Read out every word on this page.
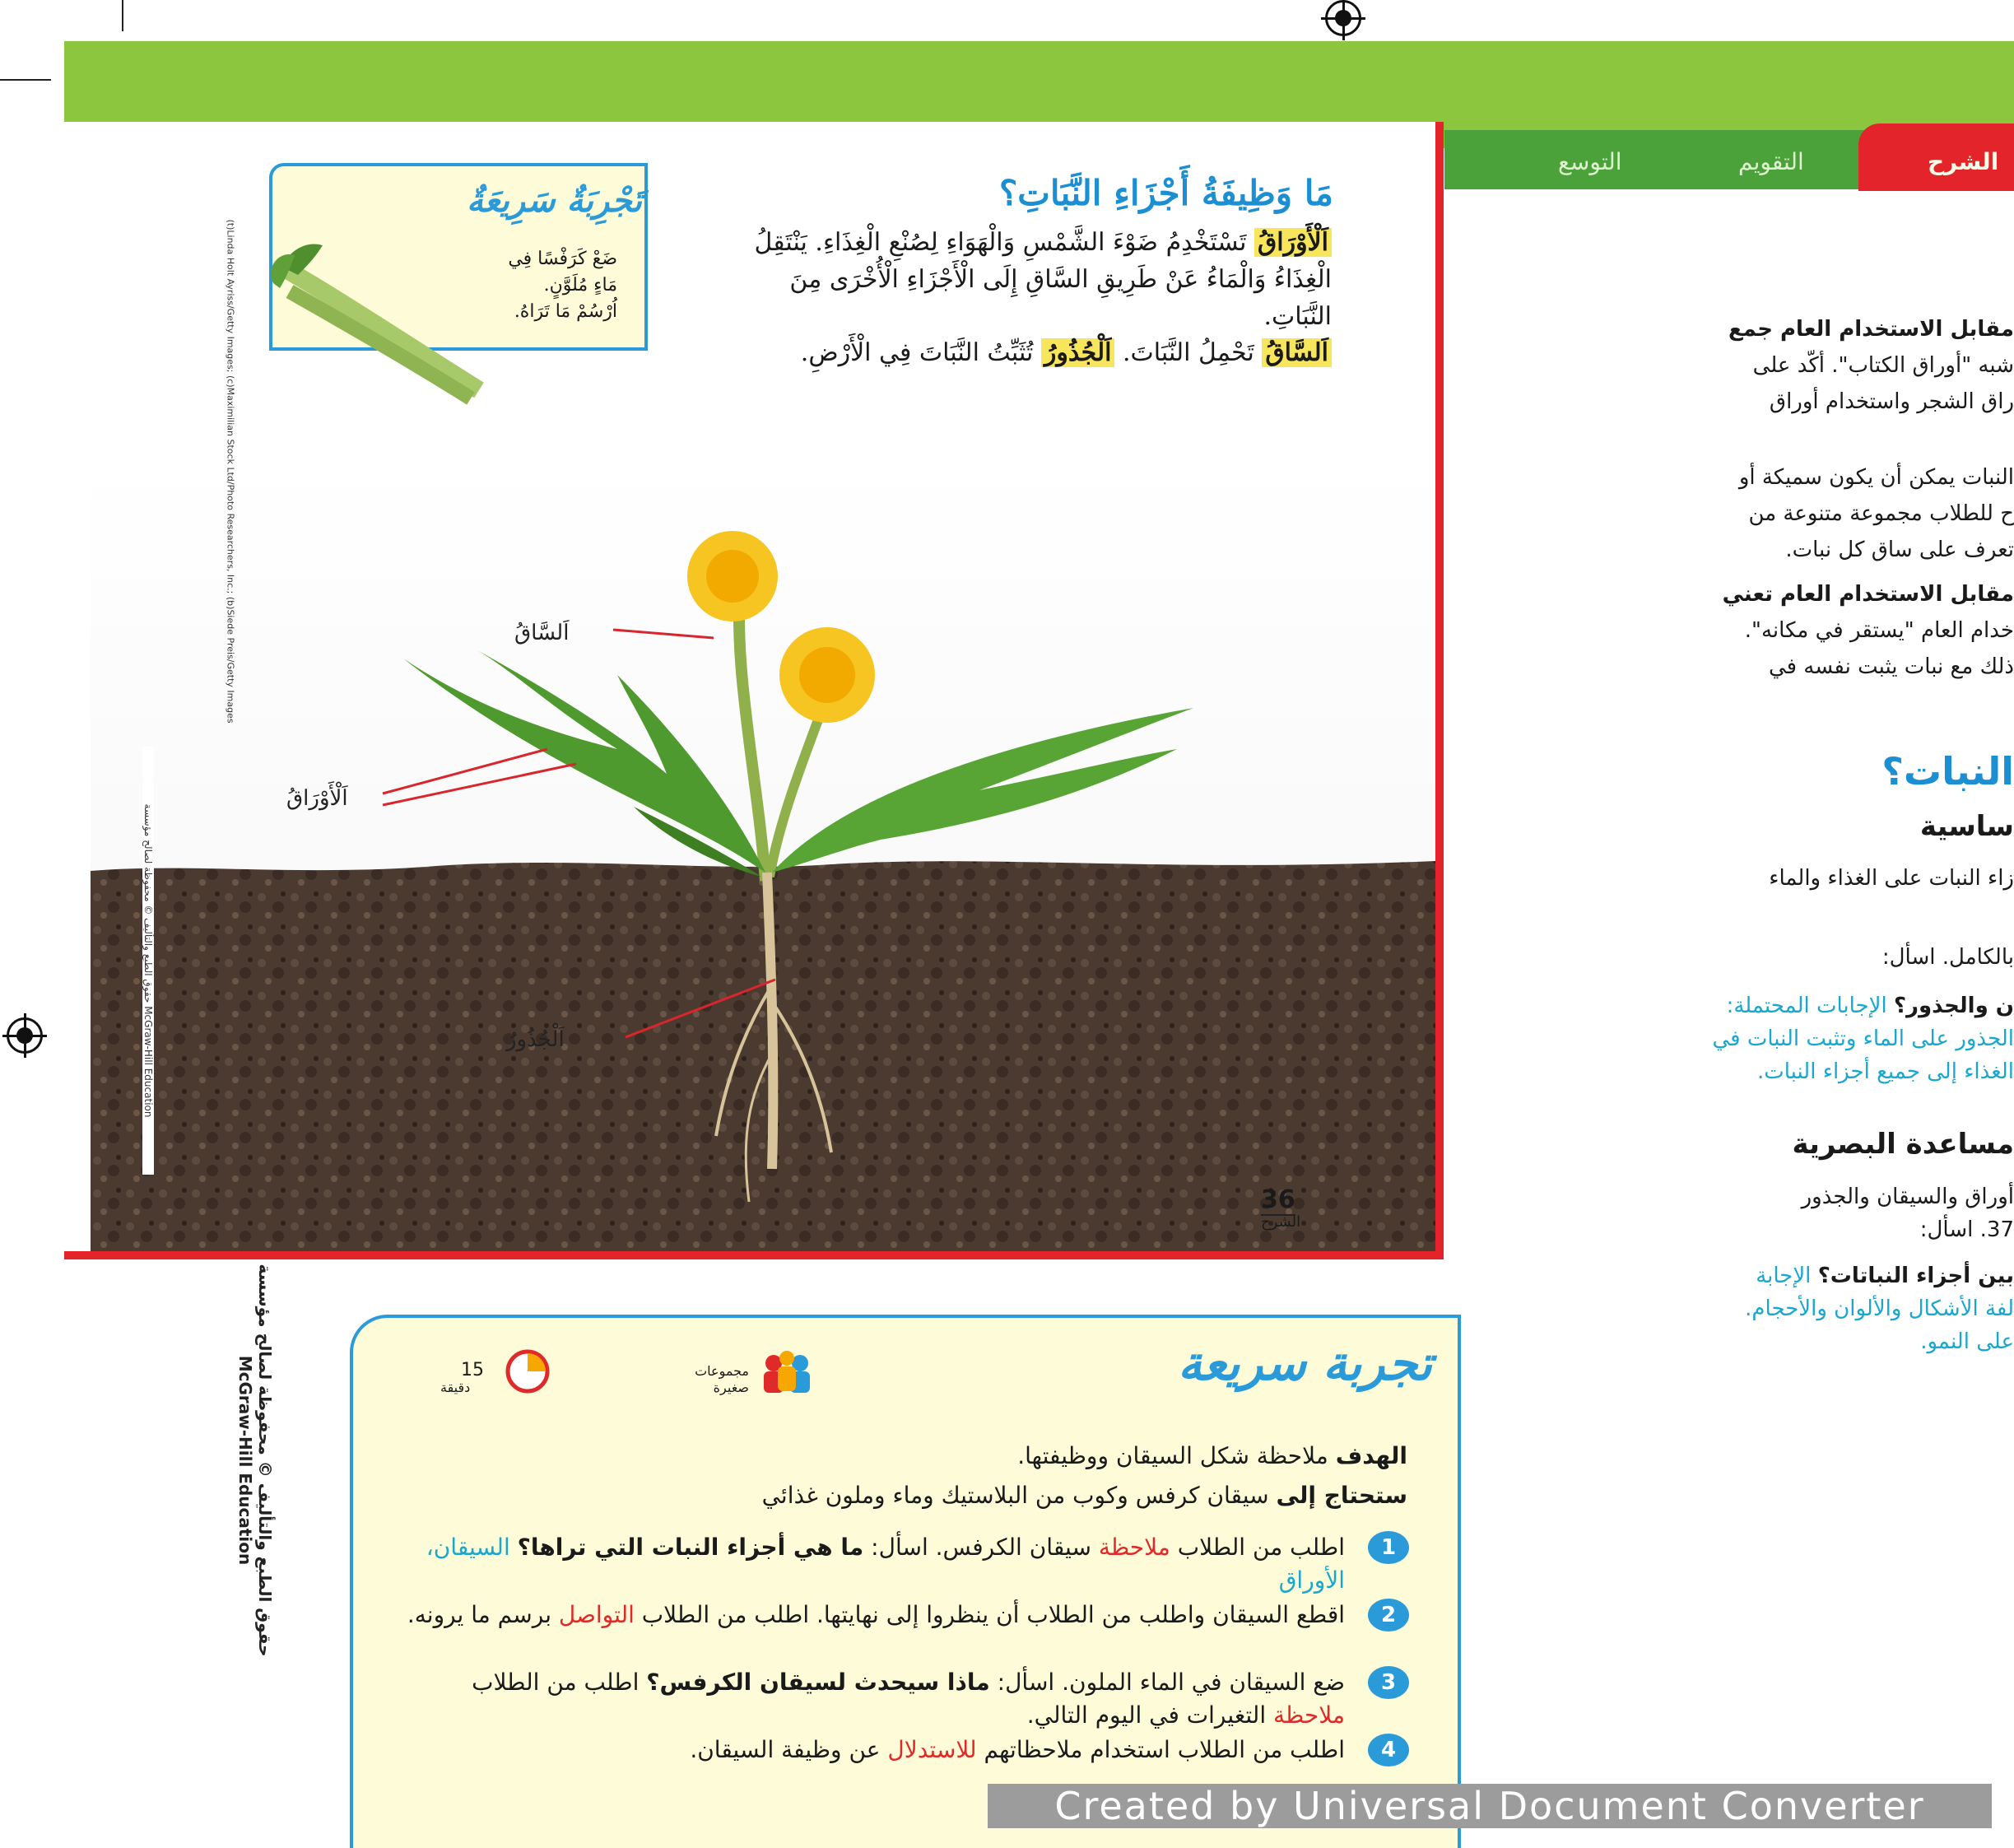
الشرح
التقويم
التوسع
اَلسَّاقُ
اَلْأَوْرَاقُ
اَلْجُذُورُ
36
الشرح
مَا وَظِيفَةُ أَجْزَاءِ النَّبَاتِ؟
اَلْأَوْرَاقُ تَسْتَخْدِمُ ضَوْءَ الشَّمْسِ وَالْهَوَاءِ لِصُنْعِ الْغِذَاءِ. يَنْتَقِلُ الْغِذَاءُ وَالْمَاءُ عَنْ طَرِيقِ السَّاقِ إِلَى الْأَجْزَاءِ الْأُخْرَى مِنَ النَّبَاتِ.
اَلسَّاقُ تَحْمِلُ النَّبَاتَ. اَلْجُذُورُ تُثَبِّتُ النَّبَاتَ فِي الْأَرْضِ.
تَجْرِبَةٌ سَرِيعَةٌ
ضَعْ كَرَفْسًا فِي
مَاءٍ مُلَوَّنٍ.
اُرْسُمْ مَا تَرَاهُ.
(t)Linda Holt Ayriss/Getty Images; (c)Maximilian Stock Ltd/Photo Researchers, Inc.; (b)Siede Preis/Getty Images
حقوق الطبع والتأليف © محفوظة لصالح مؤسسة McGraw-Hill Education
مقابل الاستخدام العام جمع
شبه "أوراق الكتاب". أكّد على
راق الشجر واستخدام أوراق
النبات يمكن أن يكون سميكة أو
ح للطلاب مجموعة متنوعة من
تعرف على ساق كل نبات.
مقابل الاستخدام العام تعني
خدام العام "يستقر في مكانه".
ذلك مع نبات يثبت نفسه في
النبات؟
ساسية
زاء النبات على الغذاء والماء
بالكامل. اسأل:
ن والجذور؟ الإجابات المحتملة:
الجذور على الماء وتثبت النبات في
الغذاء إلى جميع أجزاء النبات.
مساعدة البصرية
أوراق والسيقان والجذور
37. اسأل:
بين أجزاء النباتات؟ الإجابة
لفة الأشكال والألوان والأحجام.
على النمو.
حقوق الطبع والتأليف © محفوظة لصالح مؤسسة McGraw-Hill Education	تجربة سريعة
مجموعات
صغيرة
15
دقيقة
الهدف ملاحظة شكل السيقان ووظيفتها.
ستحتاج إلى سيقان كرفس وكوب من البلاستيك وماء وملون غذائي
1
اطلب من الطلاب ملاحظة سيقان الكرفس. اسأل: ما هي أجزاء النبات التي تراها؟ السيقان، الأوراق
2
اقطع السيقان واطلب من الطلاب أن ينظروا إلى نهايتها. اطلب من الطلاب التواصل برسم ما يرونه.
3
ضع السيقان في الماء الملون. اسأل: ماذا سيحدث لسيقان الكرفس؟ اطلب من الطلاب ملاحظة التغيرات في اليوم التالي.
4
اطلب من الطلاب استخدام ملاحظاتهم للاستدلال عن وظيفة السيقان.
Created by Universal Document Converter
